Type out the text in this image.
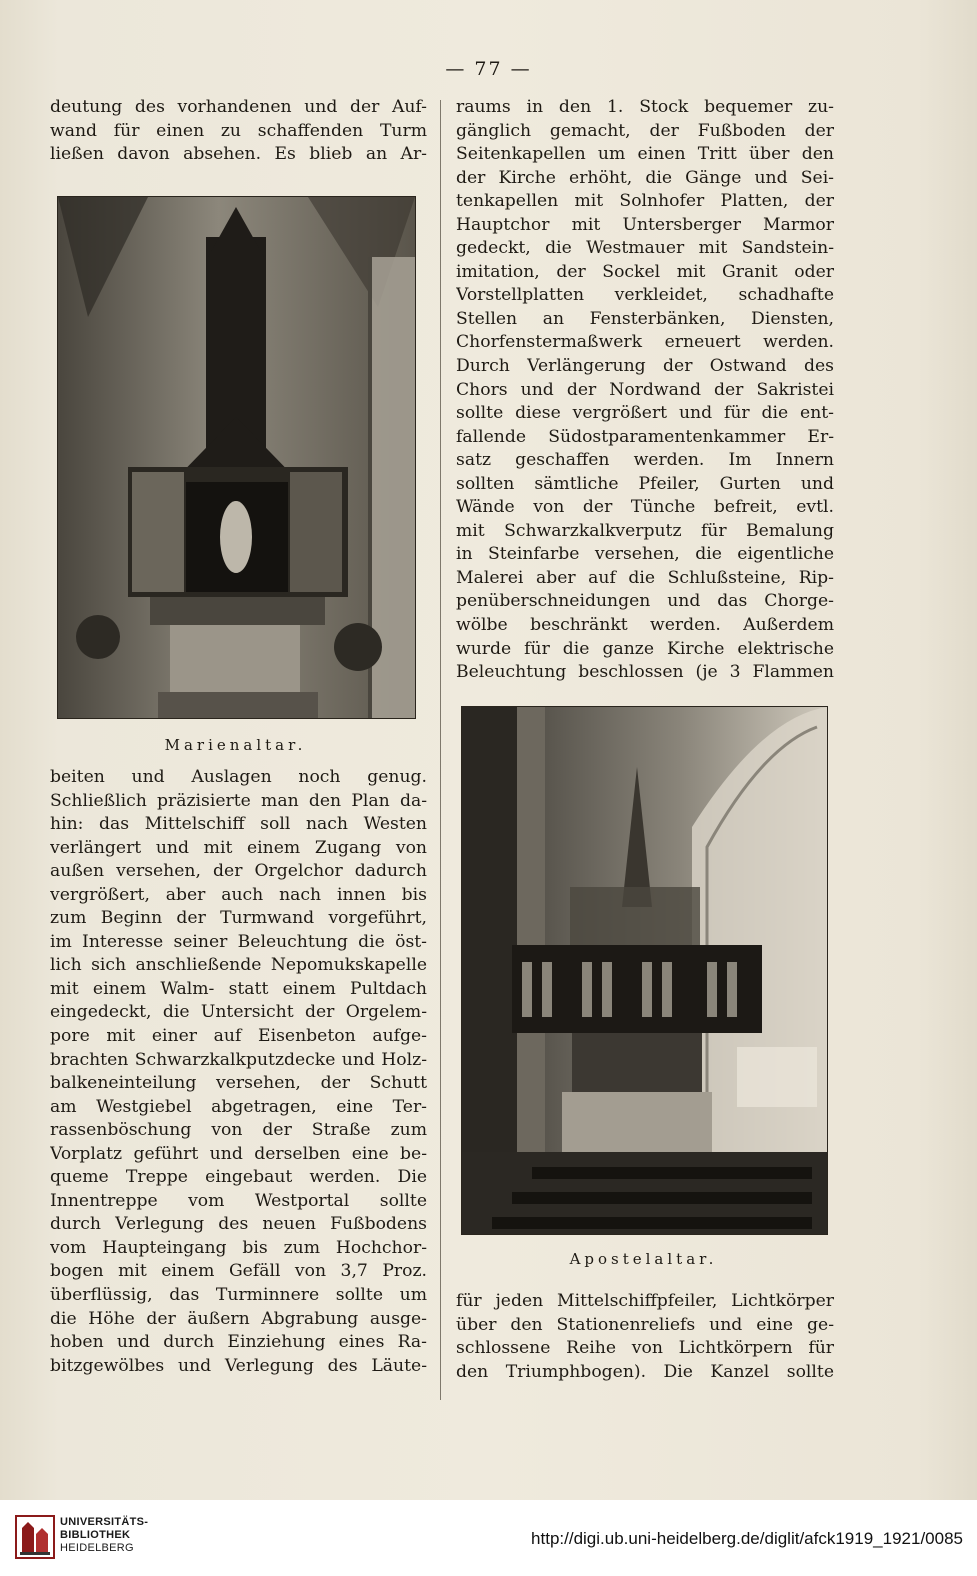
— 77 —
deutung des vorhandenen und der Auf-
wand für einen zu schaffenden Turm
ließen davon absehen. Es blieb an Ar-
Marienaltar.
beiten und Auslagen noch genug.
Schließlich präzisierte man den Plan da-
hin: das Mittelschiff soll nach Westen
verlängert und mit einem Zugang von
außen versehen, der Orgelchor dadurch
vergrößert, aber auch nach innen bis
zum Beginn der Turmwand vorgeführt,
im Interesse seiner Beleuchtung die öst-
lich sich anschließende Nepomukskapelle
mit einem Walm- statt einem Pultdach
eingedeckt, die Untersicht der Orgelem-
pore mit einer auf Eisenbeton aufge-
brachten Schwarzkalkputzdecke und Holz-
balkeneinteilung versehen, der Schutt
am Westgiebel abgetragen, eine Ter-
rassenböschung von der Straße zum
Vorplatz geführt und derselben eine be-
queme Treppe eingebaut werden. Die
Innentreppe vom Westportal sollte
durch Verlegung des neuen Fußbodens
vom Haupteingang bis zum Hochchor-
bogen mit einem Gefäll von 3,7 Proz.
überflüssig, das Turminnere sollte um
die Höhe der äußern Abgrabung ausge-
hoben und durch Einziehung eines Ra-
bitzgewölbes und Verlegung des Läute-
raums in den 1. Stock bequemer zu-
gänglich gemacht, der Fußboden der
Seitenkapellen um einen Tritt über den
der Kirche erhöht, die Gänge und Sei-
tenkapellen mit Solnhofer Platten, der
Hauptchor mit Untersberger Marmor
gedeckt, die Westmauer mit Sandstein-
imitation, der Sockel mit Granit oder
Vorstellplatten verkleidet, schadhafte
Stellen an Fensterbänken, Diensten,
Chorfenstermaßwerk erneuert werden.
Durch Verlängerung der Ostwand des
Chors und der Nordwand der Sakristei
sollte diese vergrößert und für die ent-
fallende Südostparamentenkammer Er-
satz geschaffen werden. Im Innern
sollten sämtliche Pfeiler, Gurten und
Wände von der Tünche befreit, evtl.
mit Schwarzkalkverputz für Bemalung
in Steinfarbe versehen, die eigentliche
Malerei aber auf die Schlußsteine, Rip-
penüberschneidungen und das Chorge-
wölbe beschränkt werden. Außerdem
wurde für die ganze Kirche elektrische
Beleuchtung beschlossen (je 3 Flammen
Apostelaltar.
für jeden Mittelschiffpfeiler, Lichtkörper
über den Stationenreliefs und eine ge-
schlossene Reihe von Lichtkörpern für
den Triumphbogen). Die Kanzel sollte
UNIVERSITÄTS-
BIBLIOTHEK
HEIDELBERG	http://digi.ub.uni-heidelberg.de/diglit/afck1919_1921/0085
